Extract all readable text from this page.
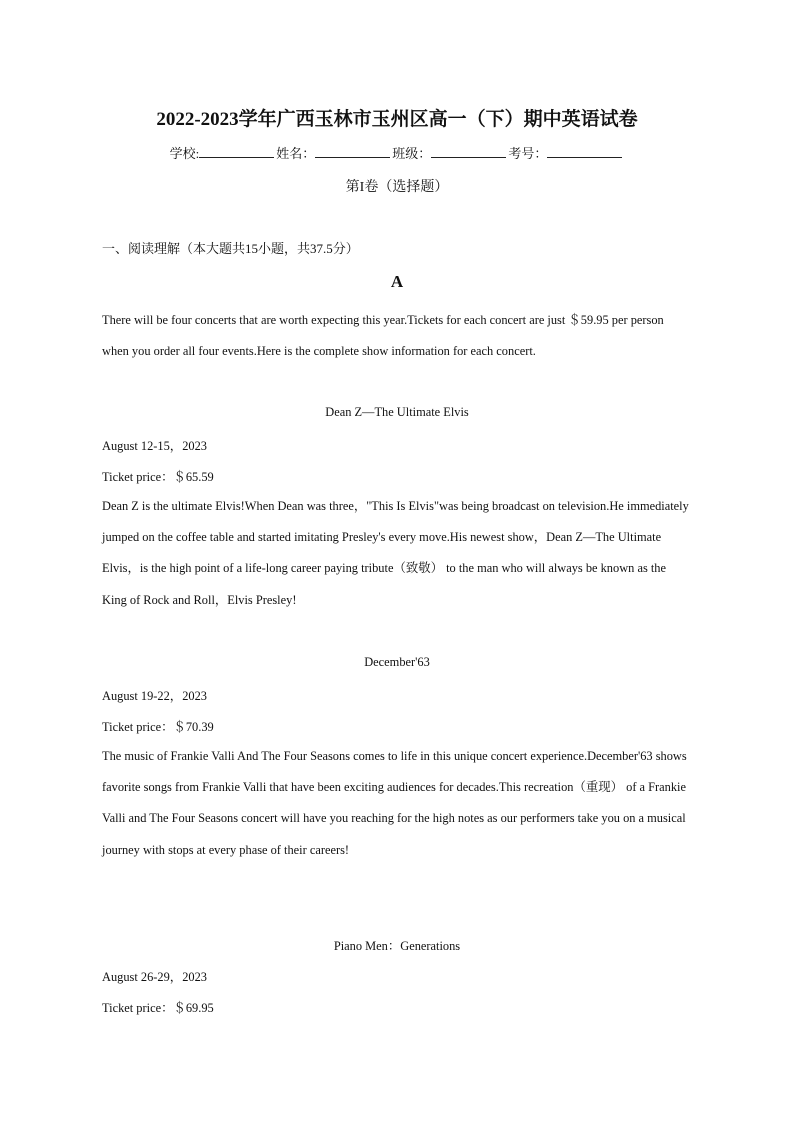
2022-2023学年广西玉林市玉州区高一（下）期中英语试卷
学校:	姓名：	班级：	考号：
第I卷（选择题）
一、阅读理解（本大题共15小题，共37.5分）
A
There will be four concerts that are worth expecting this year.Tickets for each concert are just ＄59.95 per person when you order all four events.Here is the complete show information for each concert.
Dean Z—The Ultimate Elvis
August 12-15，2023
Ticket price：＄65.59
Dean Z is the ultimate Elvis!When Dean was three，"This Is Elvis"was being broadcast on television.He immediately jumped on the coffee table and started imitating Presley's every move.His newest show，Dean Z—The Ultimate Elvis，is the high point of a life-long career paying tribute（致敬） to the man who will always be known as the King of Rock and Roll，Elvis Presley!
December'63
August 19-22，2023
Ticket price：＄70.39
The music of Frankie Valli And The Four Seasons comes to life in this unique concert experience.December'63 shows favorite songs from Frankie Valli that have been exciting audiences for decades.This recreation（重现） of a Frankie Valli and The Four Seasons concert will have you reaching for the high notes as our performers take you on a musical journey with stops at every phase of their careers!
Piano Men：Generations
August 26-29，2023
Ticket price：＄69.95
